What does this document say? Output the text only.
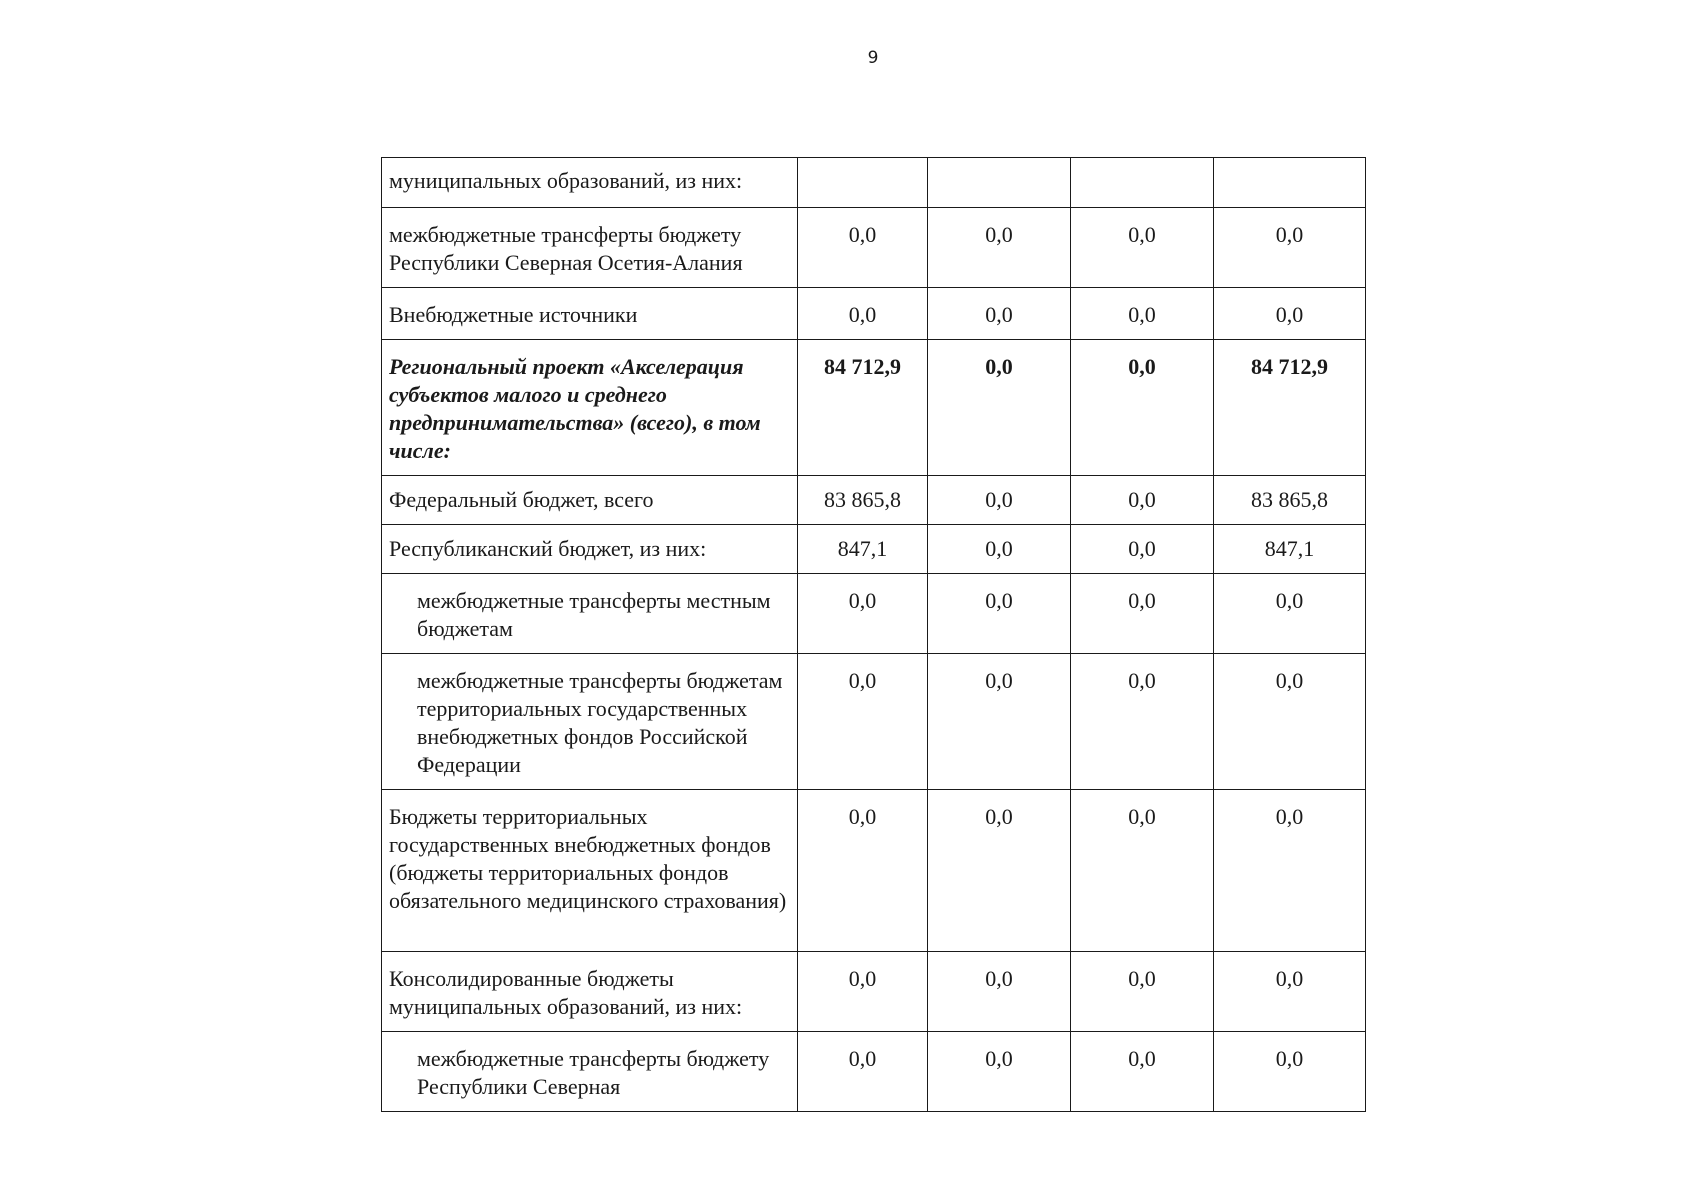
9
муниципальных образований, из них:				
межбюджетные трансферты бюджету Республики Северная Осетия-Алания	0,0	0,0	0,0	0,0
Внебюджетные источники	0,0	0,0	0,0	0,0
Региональный проект «Акселерация субъектов малого и среднего предпринимательства» (всего), в том числе:	84 712,9	0,0	0,0	84 712,9
Федеральный бюджет, всего	83 865,8	0,0	0,0	83 865,8
Республиканский бюджет, из них:	847,1	0,0	0,0	847,1
межбюджетные трансферты местным бюджетам	0,0	0,0	0,0	0,0
межбюджетные трансферты бюджетам территориальных государственных внебюджетных фондов Российской Федерации	0,0	0,0	0,0	0,0
Бюджеты территориальных государственных внебюджетных фондов (бюджеты территориальных фондов обязательного медицинского страхования)	0,0	0,0	0,0	0,0
Консолидированные бюджеты муниципальных образований, из них:	0,0	0,0	0,0	0,0
межбюджетные трансферты бюджету Республики Северная	0,0	0,0	0,0	0,0
